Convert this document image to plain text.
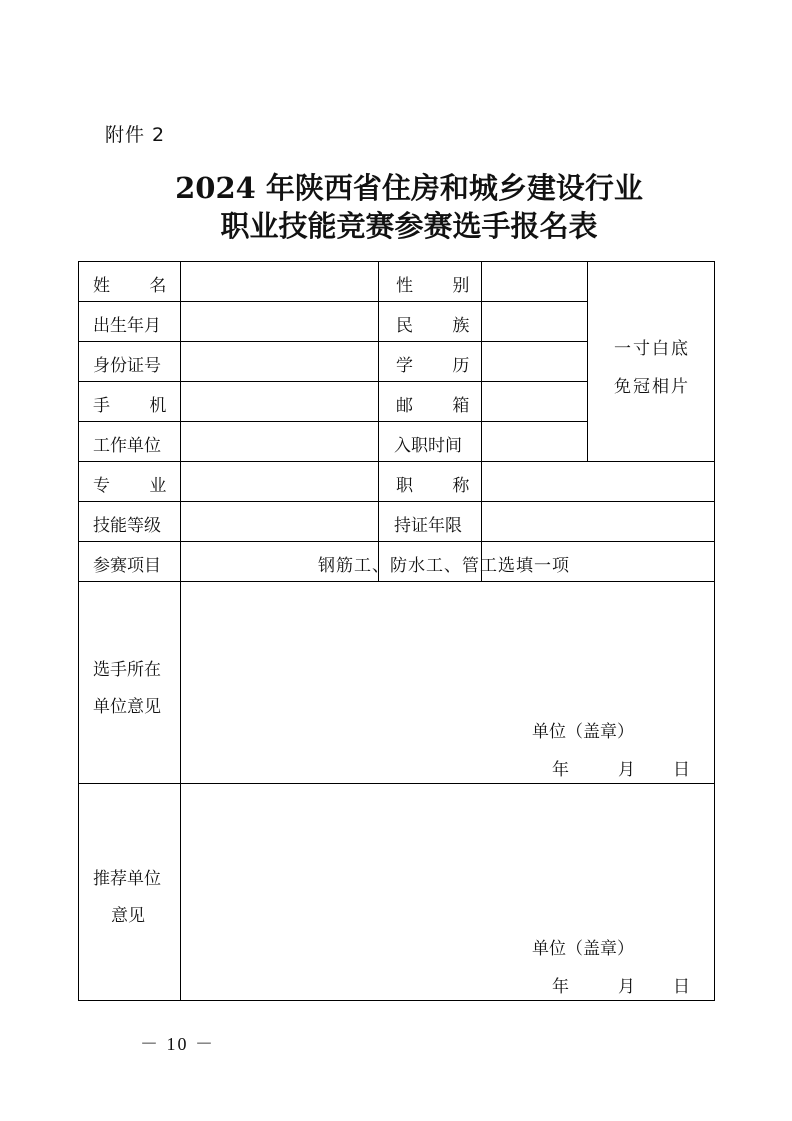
附件 2
2024 年陕西省住房和城乡建设行业
职业技能竞赛参赛选手报名表
姓 名
出生年月
身份证号
手 机
工作单位
专 业
技能等级
参赛项目
性 别
民 族
学 历
邮 箱
入职时间
职 称
持证年限
一寸白底
免冠相片
钢筋工、防水工、管工选填一项
选手所在
单位意见
单位（盖章）
年	月 日
推荐单位
意见
单位（盖章）
年	月 日
－ 10 －
